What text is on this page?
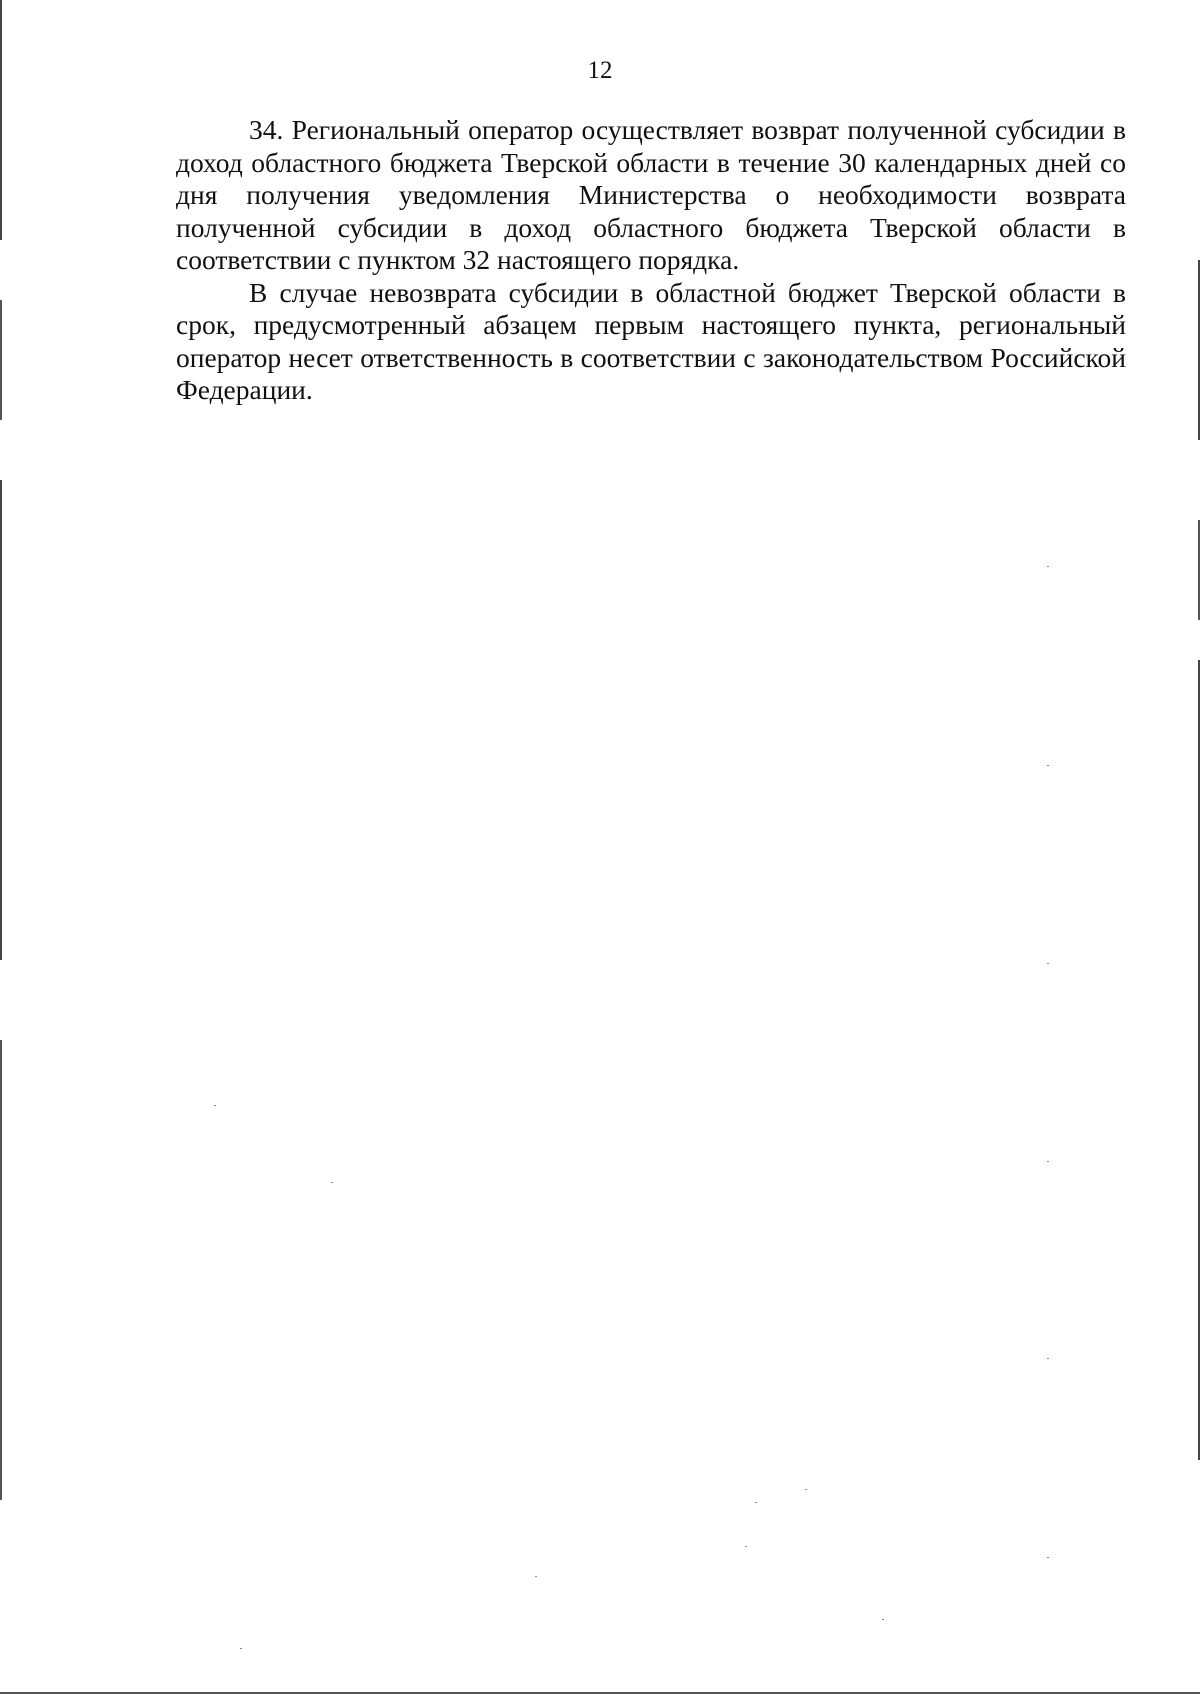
12

34. Региональный оператор осуществляет возврат полученной субсидии в доход областного бюджета Тверской области в течение 30 календарных дней со дня получения уведомления Министерства о необходимости возврата полученной субсидии в доход областного бюджета Тверской области в соответствии с пунктом 32 настоящего порядка.

В случае невозврата субсидии в областной бюджет Тверской области в срок, предусмотренный абзацем первым настоящего пункта, региональный оператор несет ответственность в соответствии с законодательством Российской Федерации.
